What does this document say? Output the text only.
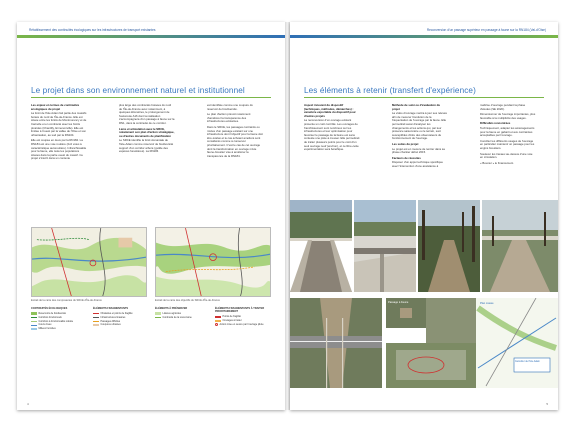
Rétablissement des continuités écologiques sur les infrastructures de transport existantes
Le projet dans son environnement naturel et institutionnel
Les enjeux en termes de continuités écologiques du projet

La forêt de l'Isle Adam fait partie des massifs boisés du nord de l'Île-de-France. Elle est située entre les forêts de Montmorency et de Carnelle et en continuité avec les forêts picardes (Chantilly, Ermenonville). Elle est limitée à l'ouest par la vallée de l'Oise et son urbanisation, au sud par la RN104.

Elle est coupée en deux par la RN184. La RN184 est une voie routière (2x2 voies à caractéristique autoroutière). Infranchissable pour la faune, elle isole les populations situées dans la partie ouest du massif. Ce projet s'inscrit dans un contexte

plus large des continuités boisées du nord de l'Île-de-France avec notamment, à quelques kilomètres, le prolongement de l'autoroute A16 dont la réalisation s'accompagnera d'un passage à faune sur la RN1, dans la continuité de ce corridor.

Liens et articulation avec le SRCE, notamment son plan d'action stratégique, ou d'autres documents de planification

Le SRCE identifie la forêt domaniale de l'Isle-Adam comme réservoir de biodiversité support d'un corridor arboré (guilde des espèces forestières). La RN184

est identifiée comme une coupure du réservoir de biodiversité.

Le plan d'action prévoit notamment d'améliorer la transparence des infrastructures existantes.

Dans le SRCE, les passages contraints ou mixtes d'un passage existant sur une infrastructure dont l'objectif pour la faune doit être évalué et le cas échéant amélioré sont considérés comme à conserver prioritairement. C'est le cas de cet ouvrage dont la transformation en ouvrage mixte faune-forestier vise à améliorer la transparence de la RN184.

Extrait de la carte des composantes du SRCE d'Île-de-France	Extrait de la carte des objectifs du SRCE d'Île-de-France
CONTINUITÉS ÉCOLOGIQUES
Réservoirs de biodiversité
Corridors fonctionnels
Corridors à fonctionnalité réduite
Cours d'eau
Milieux humides
ÉLÉMENTS FRAGMENTANTS
Obstacles et points de fragilité
Infrastructures linéaires
Passages difficiles
Coupures urbaines
ÉLÉMENTS À PRÉSERVER
Lisières agricoles
Continuité de la sous-trame
ÉLÉMENTS FRAGMENTANTS À TRAITER PRIORITAIREMENT
Points de fragilité
Ouvrages à traiter
Action mise en œuvre par l'ouvrage pilote
4
Reconversion d'un passage supérieur en passage à faune sur la RN184 (Val-d'Oise)
Les éléments à retenir (transfert d'expérience)
Aspect innovant du dispositif (techniques, méthodes, démarches) : caractère exportable du dispositif pour d'autres projets

La reconversion d'un ouvrage existant présente un coût contrôlé. Les ouvrages de franchissement sont nombreux sur les infrastructures et leur optimisation pour favoriser le passage de la faune est sans conteste une piste à creuser. Elle permettrait de traiter plusieurs points pour le coût d'un seul ouvrage neuf (environ), et ce libre-cette expérimentation sera bénéfique.

Méthode de suivi ou d'évaluation du projet

La vidéo d'ouvrage mettra à jour ses relevés afin de mesurer l'évolution de la fréquentation de l'ouvrage par la faune. Elle permettrait aussi d'analyser les changements et les actions qui, par leur présence saisonnière ou le terrain, sont susceptibles d'être des observateurs du fonctionnement de l'ouvrage.

Les suites du projet

Le projet est en mesure de rentrer dans sa phase chantier début 2015.

Facteurs de réussites

Disposer d'un appui technique spécifique avec l'intervention d'une assistance à

maîtrise d'ouvrage pendant la phase d'études (SE 2020).

Dimensionner de l'ouvrage importantes, plus favorable à la multiplicité des usages.

Difficultés rencontrées

Techniquement, adapter les aménagements pour la faune en gabarit et aux contraintes acceptables par l'ouvrage.

Concilier les différents usages de l'ouvrage en particulier maintenir un passage pour les engins forestiers.

Soulever les travaux au-dessus d'une voie en circulation.

« Bouvier » le financement.

Passage à Faune	Plan masse
Carrefour de l'Isle-Adam
5
